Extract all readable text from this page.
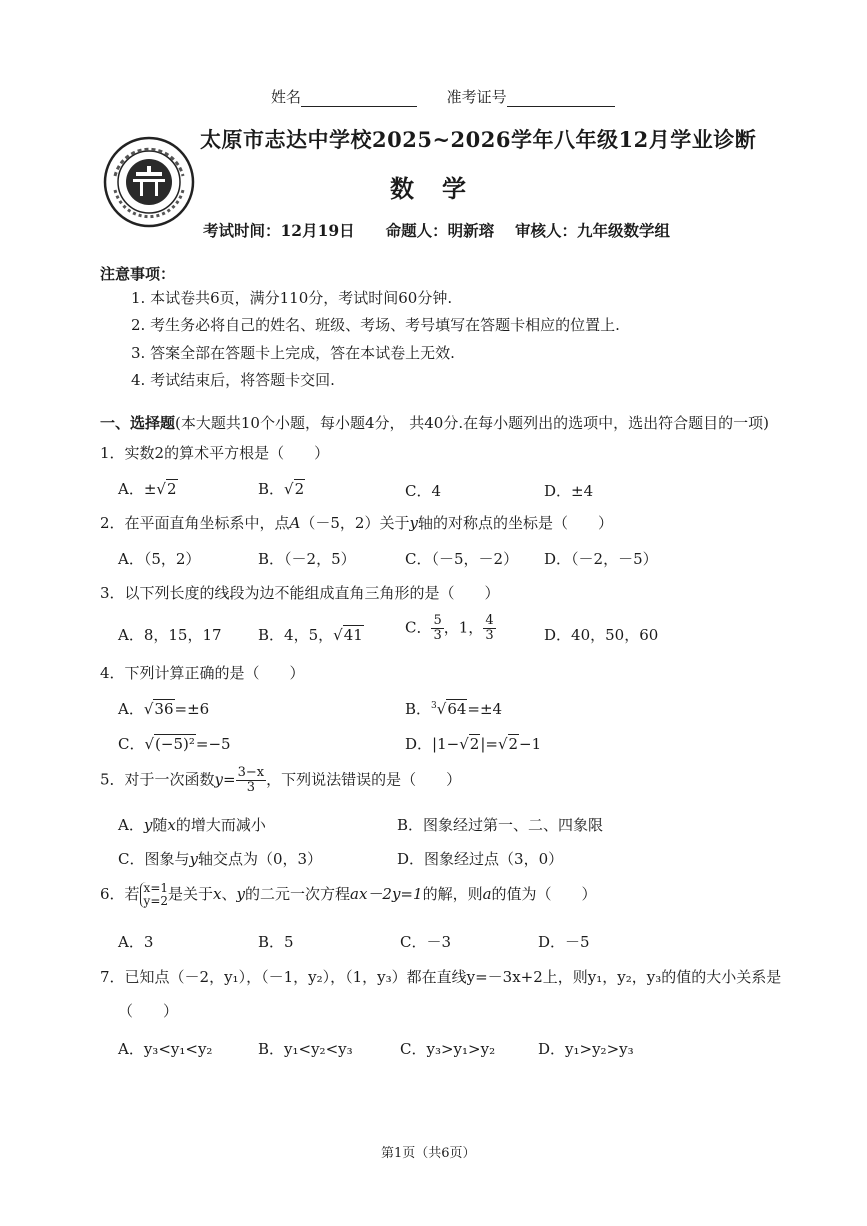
姓名	准考证号
太原市志达中学校2025~2026学年八年级12月学业诊断
数学
考试时间：12月19日　　命题人：明新瑢　 审核人：九年级数学组
注意事项：
1. 本试卷共6页，满分110分，考试时间60分钟.
2. 考生务必将自己的姓名、班级、考场、考号填写在答题卡相应的位置上.
3. 答案全部在答题卡上完成，答在本试卷上无效.
4. 考试结束后，将答题卡交回.
一、选择题(本大题共10个小题，每小题4分， 共40分.在每小题列出的选项中，选出符合题目的一项)
1．实数2的算术平方根是（　　）
A．±√2	B．√2	C．4	D．±4
2．在平面直角坐标系中，点A（－5，2）关于y轴的对称点的坐标是（　　）
A．（5，2）	B．（－2，5）	C．（－5，－2） D．（－2，－5）
3．以下列长度的线段为边不能组成直角三角形的是（　　）
A．8，15，17 B．4，5，√41	C． $\frac{5}{3}$ ，1， $\frac{4}{3}$	D．40，50，60
4．下列计算正确的是（　　）
A．√36=±6	B．$^3$√64=±4
C．√(−5)²=−5	D．|1−√2|=√2−1
5．对于一次函数$y= \frac{3-x}{3}$ ，下列说法错误的是（　　）
A．y随x的增大而减小	B．图象经过第一、二、四象限
C．图象与y轴交点为（0，3）	D．图象经过点（3，0）
6．若 x=1
y=2 是关于x、y的二元一次方程ax－2y=1的解，则a的值为（　　）
A．3	B．5	C．－3	D．－5
7．已知点（－2，y₁），（－1，y₂），（1，y₃）都在直线y=－3x+2上，则y₁，y₂，y₃的值的大小关系是
（　　）
A．y₃<y₁<y₂	B．y₁<y₂<y₃	C．y₃>y₁>y₂	D．y₁>y₂>y₃
第1页（共6页）
